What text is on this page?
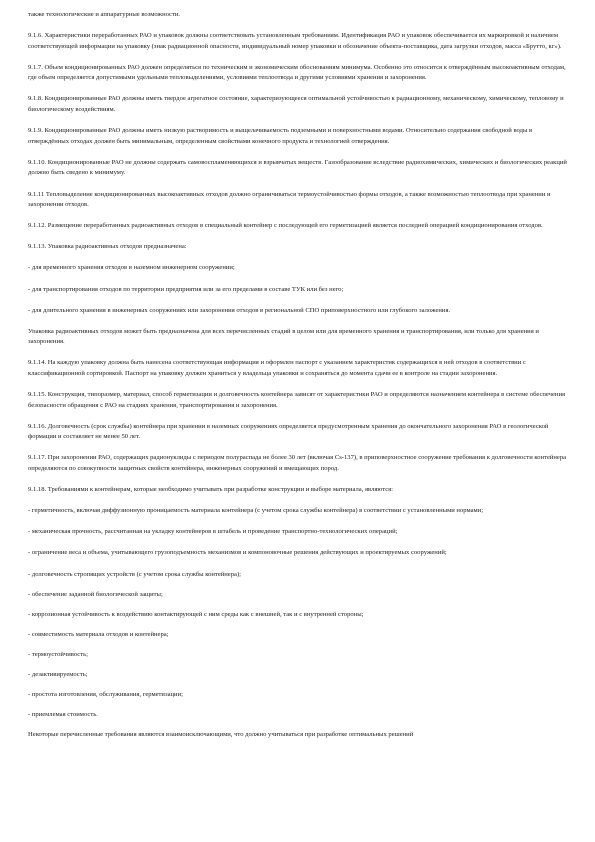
также технологические и аппаратурные возможности.

9.1.6. Характеристики переработанных РАО и упаковок должны соответствовать установленным требованиям. Идентификация РАО и упаковок обеспечивается их маркировкой и наличием соответствующей информации на упаковку (знак радиационной опасности, индивидуальный номер упаковки и обозначение объекта-поставщика, дата загрузки отходов, масса «Брутто, кг»).

9.1.7. Объем кондиционированных РАО должен определяться по техническим и экономическим обоснованиям минимума. Особенно это относится к отверждённым высокоактивным отходам, где объем определяется допустимыми удельными тепловыделениями, условиями теплоотвода и другими условиями хранения и захоронения.

9.1.8. Кондиционированные РАО должны иметь твердое агрегатное состояние, характеризующееся оптимальной устойчивостью к радиационному, механическому, химическому, тепловому и биологическому воздействиям.

9.1.9. Кондиционированные РАО должны иметь низкую растворимость и выщелачиваемость подземными и поверхностными водами. Относительно содержания свободной воды в отверждённых отходах должен быть минимальным, определенным свойствами конечного продукта и технологией отверждения.

9.1.10. Кондиционированные РАО не должны содержать самовоспламеняющихся и взрывчатых веществ. Газообразование вследствие радиохимических, химических и биологических реакций должно быть сведено к минимуму.

9.1.11 Тепловыделение кондиционированных высокоактивных отходов должно ограничиваться термоустойчивостью формы отходов, а также возможностью теплоотвода при хранении и захоронении отходов.

9.1.12. Размещение переработанных радиоактивных отходов в специальный контейнер с последующей его герметизацией является последней операцией кондиционирования отходов.

9.1.13. Упаковка радиоактивных отходов предназначена:

- для временного хранения отходов в наземном инженерном сооружении;

- для транспортирования отходов по территории предприятия или за его пределами в составе ТУК или без него;

- для длительного хранения в инженерных сооружениях или захоронения отходов в региональной СПО приповерхностного или глубокого заложения.

Упаковка радиоактивных отходов может быть предназначена для всех перечисленных стадий в целом или для временного хранения и транспортирования, или только для хранения и захоронения.

9.1.14. На каждую упаковку должна быть нанесена соответствующая информация и оформлен паспорт с указанием характеристик содержащихся в ней отходов в соответствии с классификационной сортировкой. Паспорт на упаковку должен храниться у владельца упаковки и сохраняться до момента сдачи ее в контроле на стадии захоронения.

9.1.15. Конструкция, типоразмер, материал, способ герметизации и долговечность контейнера зависят от характеристики РАО и определяются назначением контейнера в системе обеспечения безопасности обращения с РАО на стадиях хранения, транспортирования и захоронения.

9.1.16. Долговечность (срок службы) контейнера при хранении в наземных сооружениях определяется предусмотренным хранения до окончательного захоронения РАО в геологической формации и составляет не менее 50 лет.

9.1.17. При захоронении РАО, содержащих радионуклиды с периодом полураспада не более 30 лет (включая Cs-137), в приповерхностное сооружение требования к долговечности контейнера определяются по совокупности защитных свойств контейнера, инженерных сооружений и вмещающих пород.

9.1.18. Требованиями к контейнерам, которые необходимо учитывать при разработке конструкции и выборе материала, являются:

- герметичность, включая диффузионную проницаемость материала контейнера (с учетом срока службы контейнера) в соответствии с установленными нормами;

- механическая прочность, рассчитанная на укладку контейнеров в штабель и проведение транспортно-технологических операций;

- ограничение веса и объема, учитывающего грузоподъемность механизмов и компоновочные решения действующих и проектируемых сооружений;

- долговечность стропящих устройств (с учетом срока службы контейнера);

- обеспечение заданной биологической защиты;

- коррозионная устойчивость к воздействию контактирующей с ним среды как с внешней, так и с внутренней стороны;

- совместимость материала отходов и контейнера;

- термоустойчивость;

- дезактивируемость;

- простота изготовления, обслуживания, герметизации;

- приемлемая стоимость.

Некоторые перечисленные требования являются взаимоисключающими, что должно учитываться при разработке оптимальных решений
